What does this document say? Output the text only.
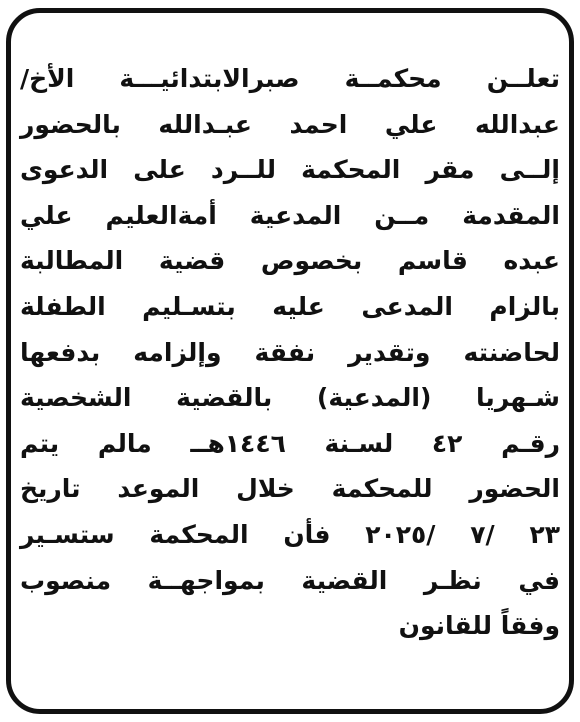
تعلــن محكمــة صبرالابتدائيـــة الأخ/
عبدالله علي احمد عبـدالله بالحضور
إلــى مقر المحكمة للــرد على الدعوى
المقدمة مــن المدعية أمةالعليم علي
عبده قاسم بخصوص قضية المطالبة
بالزام المدعى عليه بتسـليم الطفلة
لحاضنته وتقدير نفقة وإلزامه بدفعها
شـهريا (المدعية) بالقضية الشخصية
رقـم ٤٢ لسـنة ١٤٤٦هــ مالم يتم
الحضور للمحكمة خلال الموعد تاريخ
٢٣ /٧ /٢٠٢٥ فأن المحكمة ستسـير
في نظـر القضية بمواجهــة منصوب
وفقاً للقانون
